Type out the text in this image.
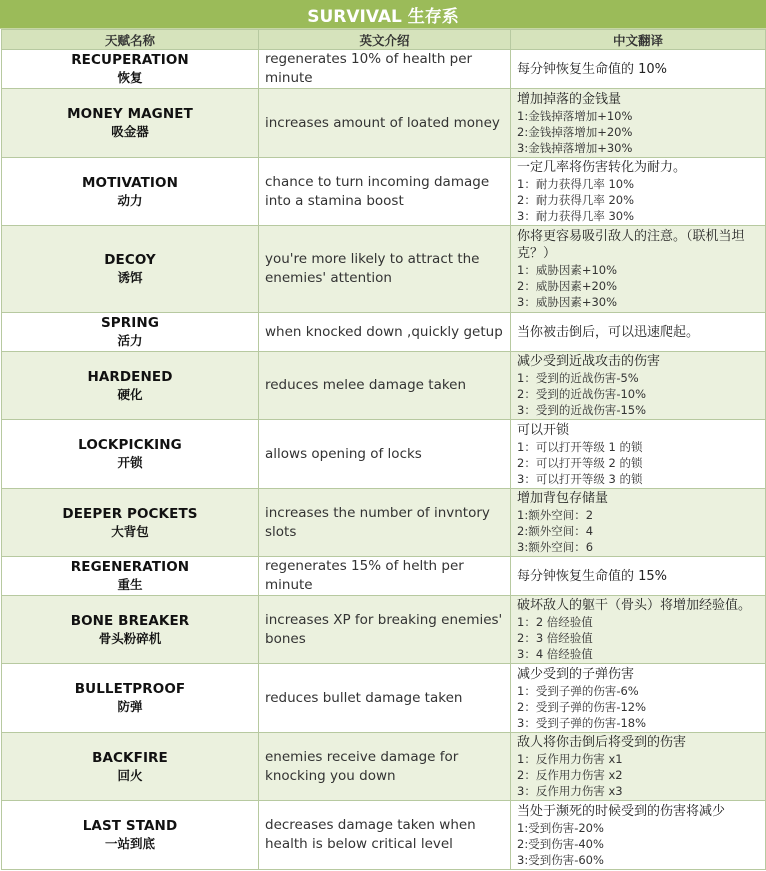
SURVIVAL 生存系
天赋名称	英文介绍	中文翻译

RECUPERATION
恢复	regenerates 10% of health per minute	每分钟恢复生命值的 10%

MONEY MAGNET
吸金器	increases amount of loated money	增加掉落的金钱量
1:金钱掉落增加+10%
2:金钱掉落增加+20%
3:金钱掉落增加+30%

MOTIVATION
动力	chance to turn incoming damage into a stamina boost	一定几率将伤害转化为耐力。
1：耐力获得几率 10%
2：耐力获得几率 20%
3：耐力获得几率 30%

DECOY
诱饵	you're more likely to attract the enemies' attention	你将更容易吸引敌人的注意。（联机当坦克？）
1：威胁因素+10%
2：威胁因素+20%
3：威胁因素+30%

SPRING
活力	when knocked down ,quickly getup	当你被击倒后，可以迅速爬起。

HARDENED
硬化	reduces melee damage taken	减少受到近战攻击的伤害
1：受到的近战伤害-5%
2：受到的近战伤害-10%
3：受到的近战伤害-15%

LOCKPICKING
开锁	allows opening of locks	可以开锁
1：可以打开等级 1 的锁
2：可以打开等级 2 的锁
3：可以打开等级 3 的锁

DEEPER POCKETS
大背包	increases the number of invntory slots	增加背包存储量
1:额外空间：2
2:额外空间：4
3:额外空间：6

REGENERATION
重生	regenerates 15% of helth per minute	每分钟恢复生命值的 15%

BONE BREAKER
骨头粉碎机	increases XP for breaking enemies' bones	破坏敌人的躯干（骨头）将增加经验值。
1：2 倍经验值
2：3 倍经验值
3：4 倍经验值

BULLETPROOF
防弹	reduces bullet damage taken	减少受到的子弹伤害
1：受到子弹的伤害-6%
2：受到子弹的伤害-12%
3：受到子弹的伤害-18%

BACKFIRE
回火	enemies receive damage for knocking you down	敌人将你击倒后将受到的伤害
1：反作用力伤害 x1
2：反作用力伤害 x2
3：反作用力伤害 x3

LAST STAND
一站到底	decreases damage taken when health is below critical level	当处于濒死的时候受到的伤害将减少
1:受到伤害-20%
2:受到伤害-40%
3:受到伤害-60%
